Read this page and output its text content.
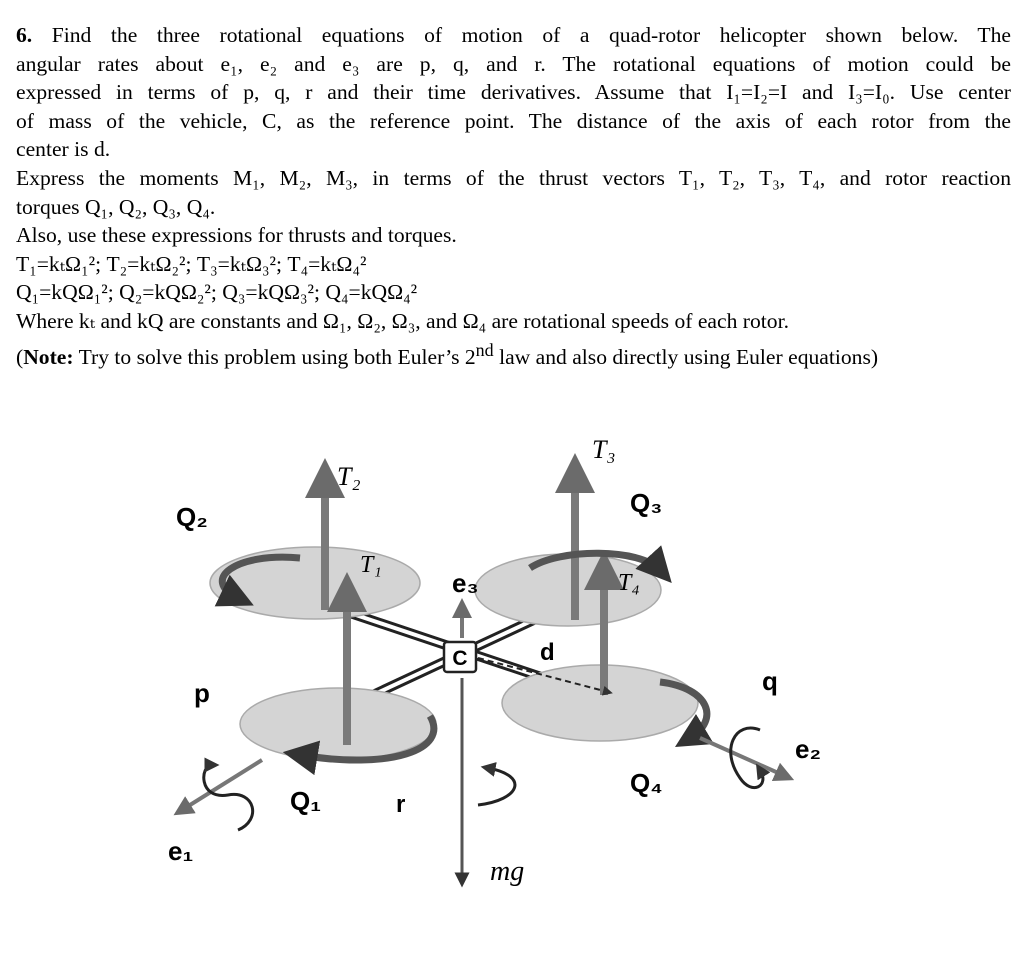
6. Find the three rotational equations of motion of a quad-rotor helicopter shown below. The

angular rates about e₁, e₂ and e₃ are p, q, and r. The rotational equations of motion could be

expressed in terms of p, q, r and their time derivatives. Assume that I₁=I₂=I and I₃=I₀. Use center

of mass of the vehicle, C, as the reference point. The distance of the axis of each rotor from the

center is d.

Express the moments M₁, M₂, M₃, in terms of the thrust vectors T₁, T₂, T₃, T₄, and rotor reaction

torques Q₁, Q₂, Q₃, Q₄.

Also, use these expressions for thrusts and torques.

T₁=kₜΩ₁²; T₂=kₜΩ₂²; T₃=kₜΩ₃²; T₄=kₜΩ₄²

Q₁=kQΩ₁²; Q₂=kQΩ₂²; Q₃=kQΩ₃²; Q₄=kQΩ₄²

Where kₜ and kQ are constants and Ω₁, Ω₂, Ω₃, and Ω₄ are rotational speeds of each rotor.

(Note: Try to solve this problem using both Euler’s 2nd law and also directly using Euler equations)

C
T₂
T₁
T₃
T₄
Q₂	Q₃
Q₁
Q₄
e₃
d
p	q
r
e₂
e₁
mg
